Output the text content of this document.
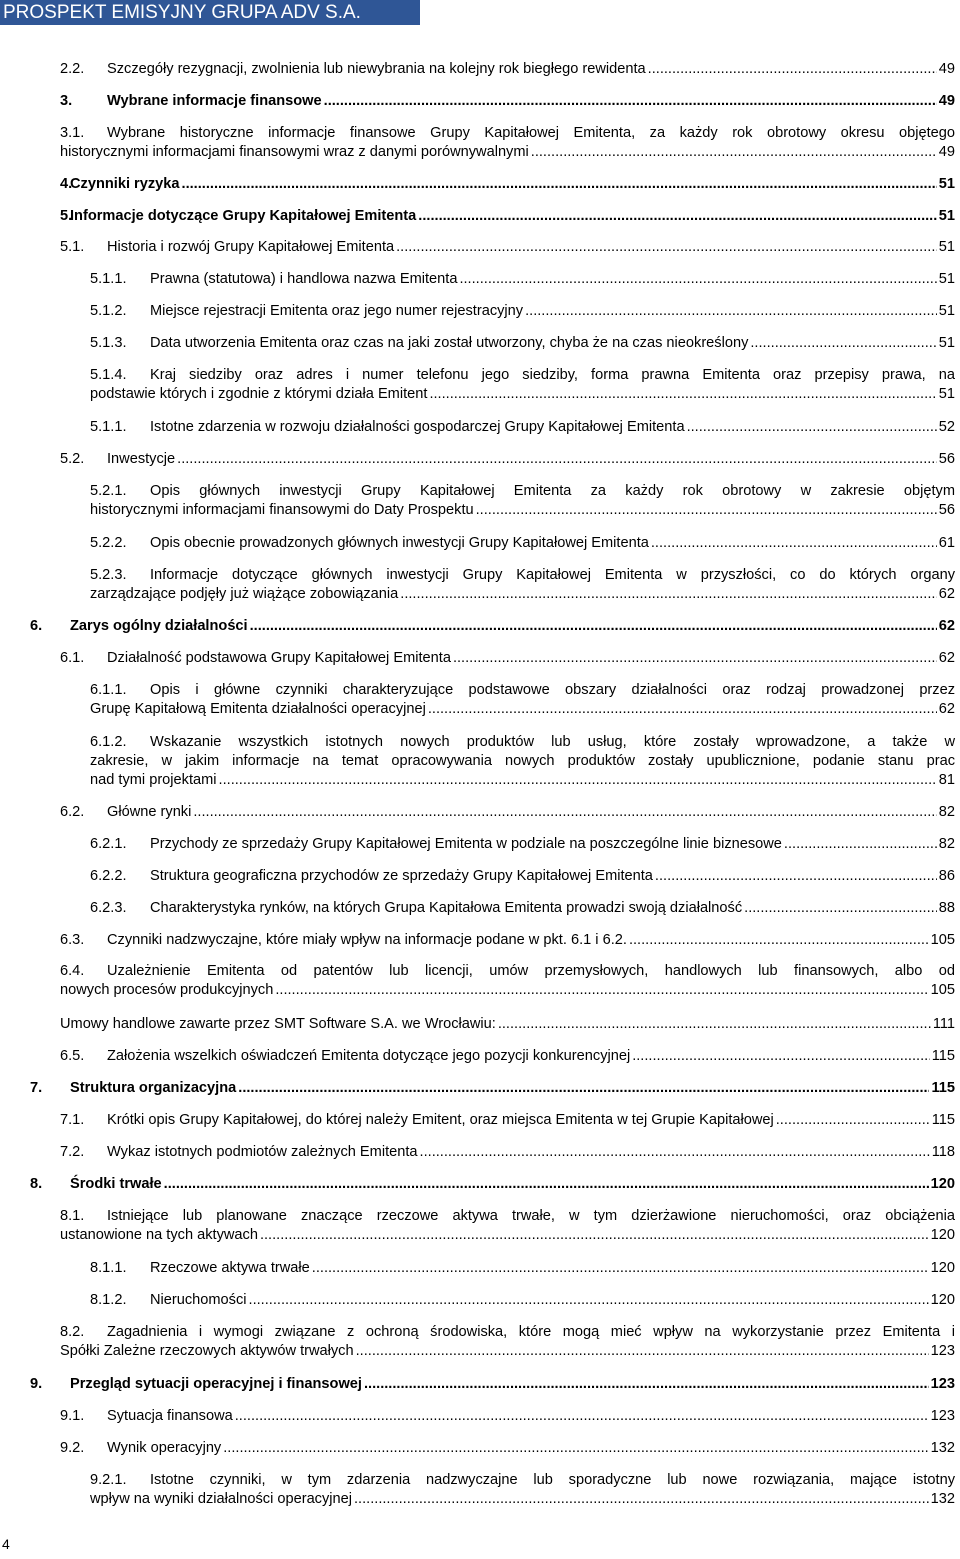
PROSPEKT EMISYJNY GRUPA ADV S.A.
2.2. Szczegóły rezygnacji, zwolnienia lub niewybrania na kolejny rok biegłego rewidenta .....	49
3. Wybrane informacje finansowe .....	49
3.1.	Wybrane historyczne informacje finansowe Grupy Kapitałowej Emitenta, za każdy rok obrotowy okresu objętego
historycznymi informacjami finansowymi wraz z danymi porównywalnymi .....	49
4.
Czynniki ryzyka .....	51
5.
Informacje dotyczące Grupy Kapitałowej Emitenta .....	51
5.1. Historia i rozwój Grupy Kapitałowej Emitenta .....	51
5.1.1. Prawna (statutowa) i handlowa nazwa Emitenta .....	51
5.1.2. Miejsce rejestracji Emitenta oraz jego numer rejestracyjny .....	51
5.1.3. Data utworzenia Emitenta oraz czas na jaki został utworzony, chyba że na czas nieokreślony .....	51
5.1.4.	Kraj siedziby oraz adres i numer telefonu jego siedziby, forma prawna Emitenta oraz przepisy prawa, na
podstawie których i zgodnie z którymi działa Emitent .....	51
5.1.1. Istotne zdarzenia w rozwoju działalności gospodarczej Grupy Kapitałowej Emitenta .....	52
5.2. Inwestycje .....	56
5.2.1.	Opis głównych inwestycji Grupy Kapitałowej Emitenta za każdy rok obrotowy w zakresie objętym
historycznymi informacjami finansowymi do Daty Prospektu .....	56
5.2.2. Opis obecnie prowadzonych głównych inwestycji Grupy Kapitałowej Emitenta .....	61
5.2.3.	Informacje dotyczące głównych inwestycji Grupy Kapitałowej Emitenta w przyszłości, co do których organy
zarządzające podjęły już wiążące zobowiązania .....	62
6. Zarys ogólny działalności .....	62
6.1. Działalność podstawowa Grupy Kapitałowej Emitenta .....	62
6.1.1.	Opis i główne czynniki charakteryzujące podstawowe obszary działalności oraz rodzaj prowadzonej przez
Grupę Kapitałową Emitenta działalności operacyjnej .....	62
6.1.2.	Wskazanie wszystkich istotnych nowych produktów lub usług, które zostały wprowadzone, a także w
zakresie, w jakim informacje na temat opracowywania nowych produktów zostały upublicznione, podanie stanu prac
nad tymi projektami .....	81
6.2. Główne rynki .....	82
6.2.1. Przychody ze sprzedaży Grupy Kapitałowej Emitenta w podziale na poszczególne linie biznesowe .....	82
6.2.2. Struktura geograficzna przychodów ze sprzedaży Grupy Kapitałowej Emitenta .....	86
6.2.3. Charakterystyka rynków, na których Grupa Kapitałowa Emitenta prowadzi swoją działalność .....	88
6.3. Czynniki nadzwyczajne, które miały wpływ na informacje podane w pkt. 6.1 i 6.2. .....	105
6.4.	Uzależnienie Emitenta od patentów lub licencji, umów przemysłowych, handlowych lub finansowych, albo od
nowych procesów produkcyjnych .....	105
Umowy handlowe zawarte przez SMT Software S.A. we Wrocławiu: .....	111
6.5. Założenia wszelkich oświadczeń Emitenta dotyczące jego pozycji konkurencyjnej .....	115
7. Struktura organizacyjna .....	115
7.1. Krótki opis Grupy Kapitałowej, do której należy Emitent, oraz miejsca Emitenta w tej Grupie Kapitałowej .....	115
7.2. Wykaz istotnych podmiotów zależnych Emitenta .....	118
8. Środki trwałe .....	120
8.1.	Istniejące lub planowane znaczące rzeczowe aktywa trwałe, w tym dzierżawione nieruchomości, oraz obciążenia
ustanowione na tych aktywach .....	120
8.1.1. Rzeczowe aktywa trwałe .....	120
8.1.2. Nieruchomości .....	120
8.2.	Zagadnienia i wymogi związane z ochroną środowiska, które mogą mieć wpływ na wykorzystanie przez Emitenta i
Spółki Zależne rzeczowych aktywów trwałych .....	123
9. Przegląd sytuacji operacyjnej i finansowej .....	123
9.1. Sytuacja finansowa .....	123
9.2. Wynik operacyjny .....	132
9.2.1.	Istotne czynniki, w tym zdarzenia nadzwyczajne lub sporadyczne lub nowe rozwiązania, mające istotny
wpływ na wyniki działalności operacyjnej .....	132
4
